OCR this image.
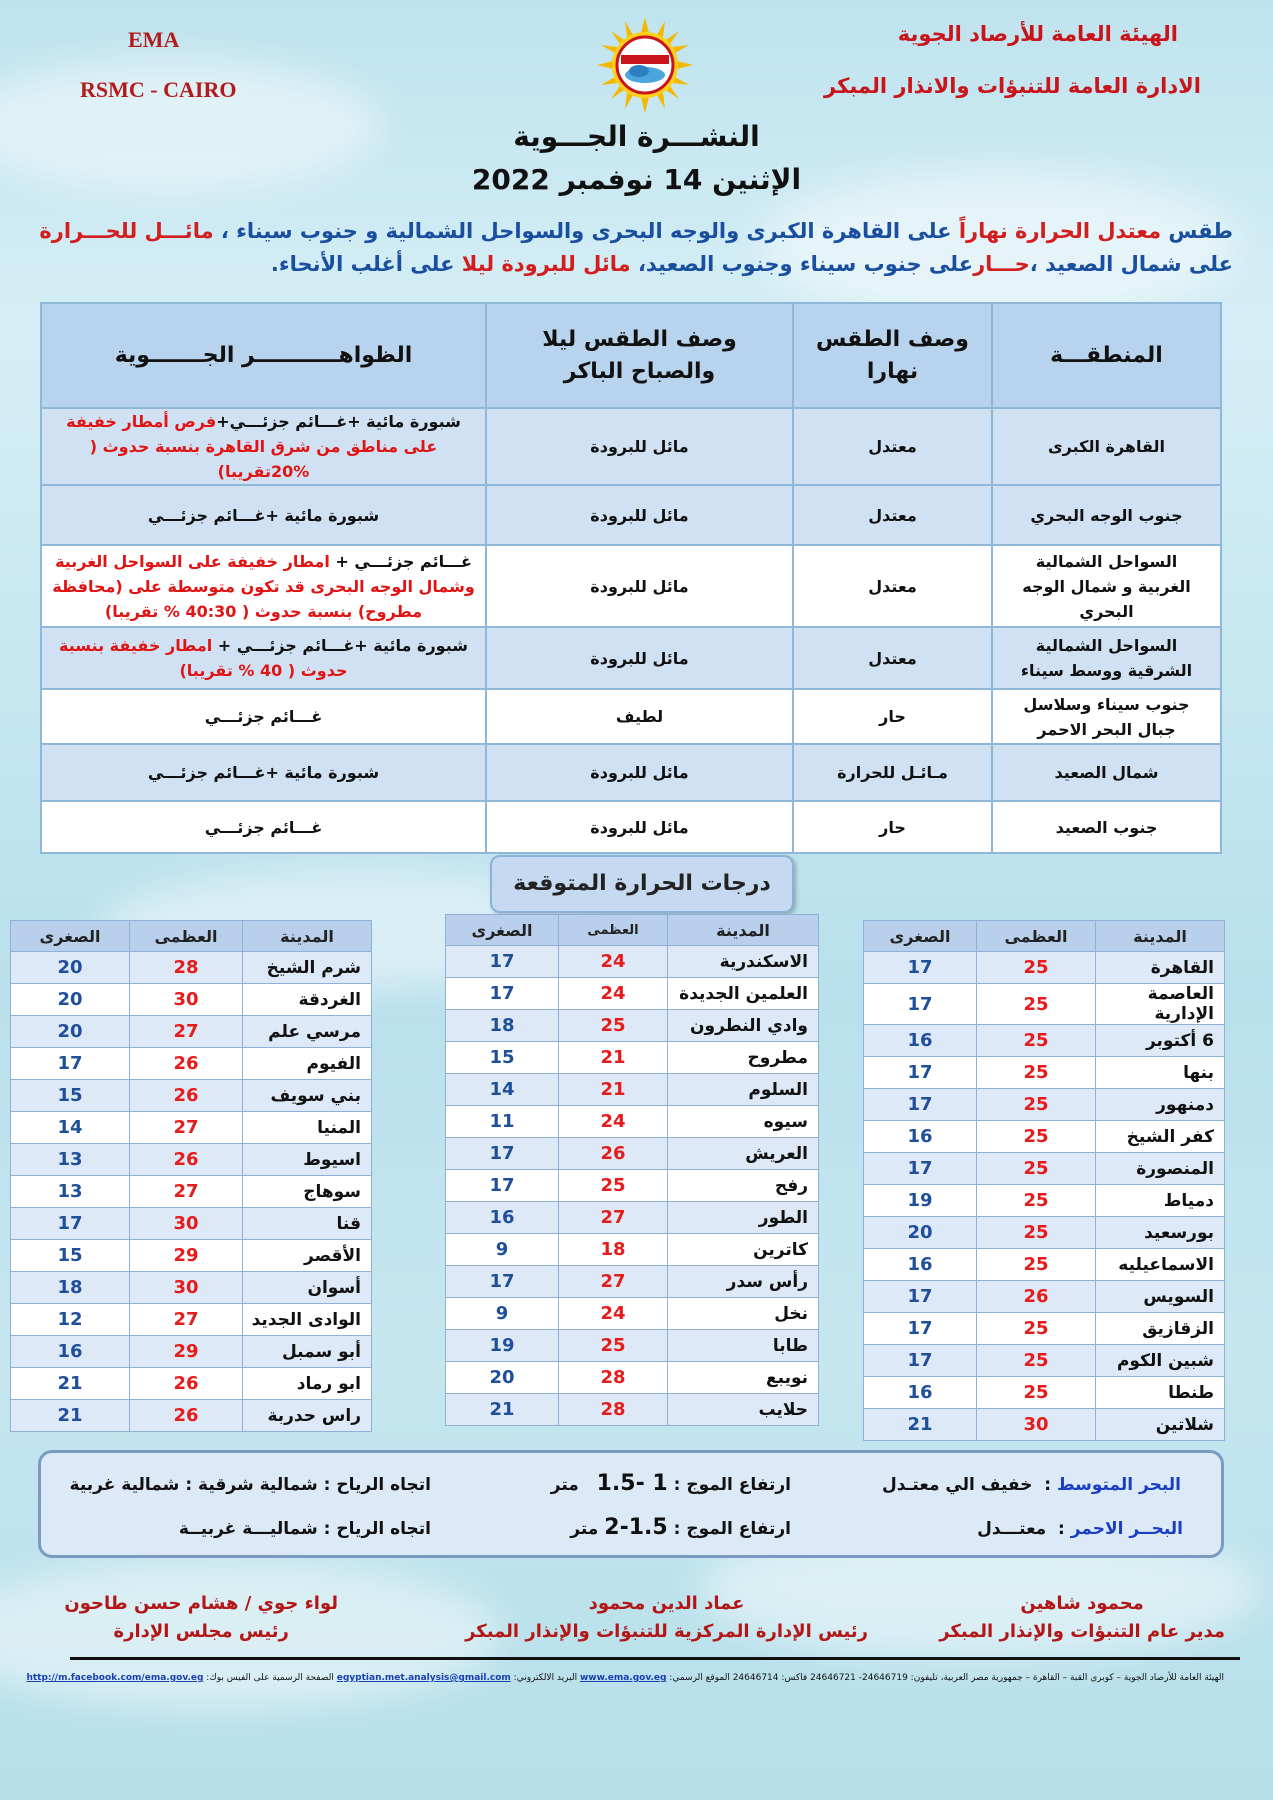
EMA
RSMC - CAIRO
الهيئة العامة للأرصاد الجوية
الادارة العامة للتنبؤات والانذار المبكر
النشـــرة الجـــوية
الإثنين 14 نوفمبر 2022
طقس معتدل الحرارة نهاراً على القاهرة الكبرى والوجه البحرى والسواحل الشمالية و جنوب سيناء ، مائـــل للحـــرارة على شمال الصعيد ،حـــارعلى جنوب سيناء وجنوب الصعيد، مائل للبرودة ليلا على أغلب الأنحاء.
المنطقـــة	وصف الطقس نهارا	وصف الطقس ليلا والصباح الباكر	الظواهـــــــــــر الجـــــــوية
القاهرة الكبرى	معتدل	مائل للبرودة	شبورة مائية +غـــائم جزئـــي+فرص أمطار خفيفة على مناطق من شرق القاهرة بنسبة حدوث ( %20تقريبا)
جنوب الوجه البحري	معتدل	مائل للبرودة	شبورة مائية +غـــائم جزئـــي
السواحل الشمالية الغربية و شمال الوجه البحري	معتدل	مائل للبرودة	غـــائم جزئـــي + امطار خفيفة على السواحل الغربية وشمال الوجه البحرى قد تكون متوسطة على (محافظة مطروح) بنسبة حدوث ( 40:30 % تقريبا)
السواحل الشمالية الشرقية ووسط سيناء	معتدل	مائل للبرودة	شبورة مائية +غـــائم جزئـــي + امطار خفيفة بنسبة حدوث ( 40 % تقريبا)
جنوب سيناء وسلاسل جبال البحر الاحمر	حار	لطيف	غـــائم جزئـــي
شمال الصعيد	مـائـل للحرارة	مائل للبرودة	شبورة مائية +غـــائم جزئـــي
جنوب الصعيد	حار	مائل للبرودة	غـــائم جزئـــي
درجات الحرارة المتوقعة
المدينة	العظمى	الصغرى
القاهرة	25	17
العاصمة الإدارية	25	17
6 أكتوبر	25	16
بنها	25	17
دمنهور	25	17
كفر الشيخ	25	16
المنصورة	25	17
دمياط	25	19
بورسعيد	25	20
الاسماعيليه	25	16
السويس	26	17
الزقازيق	25	17
شبين الكوم	25	17
طنطا	25	16
شلاتين	30	21
المدينة	العظمى	الصغرى
الاسكندرية	24	17
العلمين الجديدة	24	17
وادي النطرون	25	18
مطروح	21	15
السلوم	21	14
سيوه	24	11
العريش	26	17
رفح	25	17
الطور	27	16
كاترين	18	9
رأس سدر	27	17
نخل	24	9
طابا	25	19
نويبع	28	20
حلايب	28	21
المدينة	العظمى	الصغرى
شرم الشيخ	28	20
الغردقة	30	20
مرسي علم	27	20
الفيوم	26	17
بني سويف	26	15
المنيا	27	14
اسيوط	26	13
سوهاج	27	13
قنا	30	17
الأقصر	29	15
أسوان	30	18
الوادى الجديد	27	12
أبو سمبل	29	16
ابو رماد	26	21
راس حدربة	26	21
البحر المتوسط :  خفيف الي معتـدل
ارتفاع الموج : 1 -1.5   متر
اتجاه الرياح : شمالية شرقية : شمالية غربية
البحــر الاحمر :  معتـــدل
ارتفاع الموج : 1.5-2 متر
اتجاه الرياح : شماليـــة غربيــة
محمود شاهين
مدير عام التنبؤات والإنذار المبكر
عماد الدين محمود
رئيس الإدارة المركزية للتنبؤات والإنذار المبكر
لواء جوي / هشام حسن طاحون
رئيس مجلس الإدارة
الهيئة العامة للأرصاد الجوية – كوبري القبة – القاهرة – جمهورية مصر العربية، تليفون: 24646719- 24646721 فاكس: 24646714 الموقع الرسمي: www.ema.gov.eg البريد الالكتروني: egyptian.met.analysis@gmail.com الصفحة الرسمية على الفيس بوك: http://m.facebook.com/ema.gov.eg
